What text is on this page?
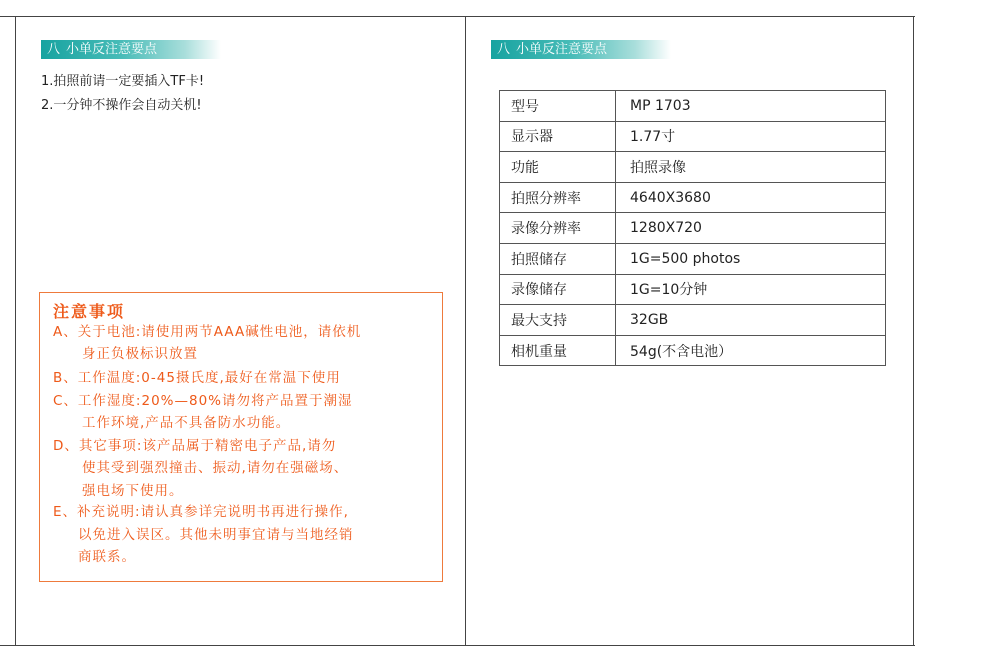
八 小单反注意要点
1.拍照前请一定要插入TF卡!
2.一分钟不操作会自动关机!
注意事项
A、关于电池:请使用两节AAA碱性电池，请依机
身正负极标识放置
B、工作温度:0-45摄氏度,最好在常温下使用
C、工作湿度:20%—80%请勿将产品置于潮湿
工作环境,产品不具备防水功能。
D、其它事项:该产品属于精密电子产品,请勿
使其受到强烈撞击、振动,请勿在强磁场、
强电场下使用。
E、补充说明:请认真参详完说明书再进行操作,
以免进入误区。其他未明事宜请与当地经销
商联系。
八 小单反注意要点
型号	MP 1703
显示器	1.77寸
功能	拍照录像
拍照分辨率	4640X3680
录像分辨率	1280X720
拍照储存	1G=500 photos
录像储存	1G=10分钟
最大支持	32GB
相机重量	54g(不含电池）
